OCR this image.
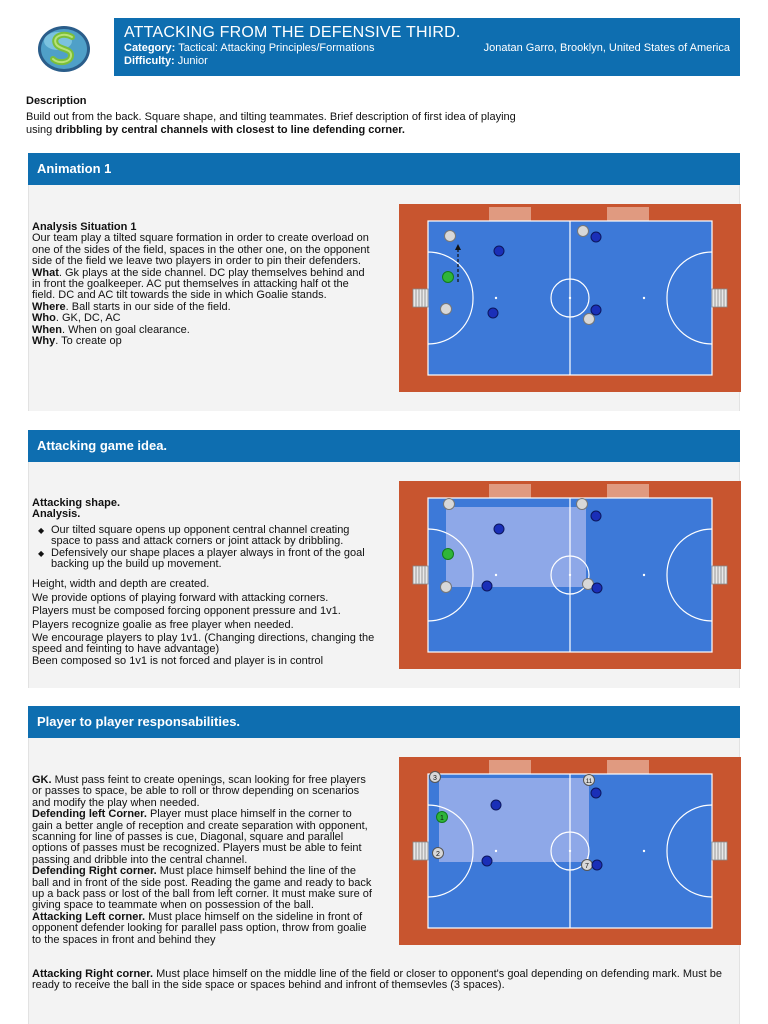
ATTACKING FROM THE DEFENSIVE THIRD.
Category: Tactical: Attacking Principles/Formations
Difficulty: Junior
Jonatan Garro, Brooklyn, United States of America
Description
Build out from the back. Square shape, and tilting teammates. Brief description of first idea of playing
using dribbling by central channels with closest to line defending corner.
Animation 1

Analysis Situation 1

Our team play a tilted square formation in order to create overload on one of the sides of the field, spaces in the other one, on the opponent side of the field we leave two players in order to pin their defenders.

What. Gk plays at the side channel. DC play themselves behind and in front the goalkeeper. AC put themselves in attacking half ot the field. DC and AC tilt towards the side in which Goalie stands.

Where. Ball starts in our side of the field.

Who. GK, DC, AC

When. When on goal clearance.

Why. To create op

Attacking game idea.

Attacking shape.

Analysis.

◆ Our tilted square opens up opponent central channel creating space to pass and attack corners or joint attack by dribbling.
◆ Defensively our shape places a player always in front of the goal backing up the build up movement.

Height, width and depth are created.

We provide options of playing forward with attacking corners.

Players must be composed forcing opponent pressure and 1v1.

Players recognize goalie as free player when needed.

We encourage players to play 1v1. (Changing directions, changing the speed and feinting to have advantage)

Been composed so 1v1 is not forced and player is in control

Player to player responsabilities.

GK. Must pass feint to create openings, scan looking for free players or passes to space, be able to roll or throw depending on scenarios and modify the play when needed.

Defending left Corner. Player must place himself in the corner to gain a better angle of reception and create separation with opponent, scanning for line of passes is cue, Diagonal, square and parallel options of passes must be recognized. Players must be able to feint passing and dribble into the central channel.

Defending Right corner. Must place himself behind the line of the ball and in front of the side post. Reading the game and ready to back up a back pass or lost of the ball from left corner. It must make sure of giving space to teammate when on possession of the ball.

Attacking Left corner. Must place himself on the sideline in front of opponent defender looking for parallel pass option, throw from goalie to the spaces in front and behind they

Attacking Right corner. Must place himself on the middle line of the field or closer to opponent's goal depending on defending mark. Must be ready to receive the ball in the side space or spaces behind and infront of themsevles (3 spaces).
3	11
1
2
7
